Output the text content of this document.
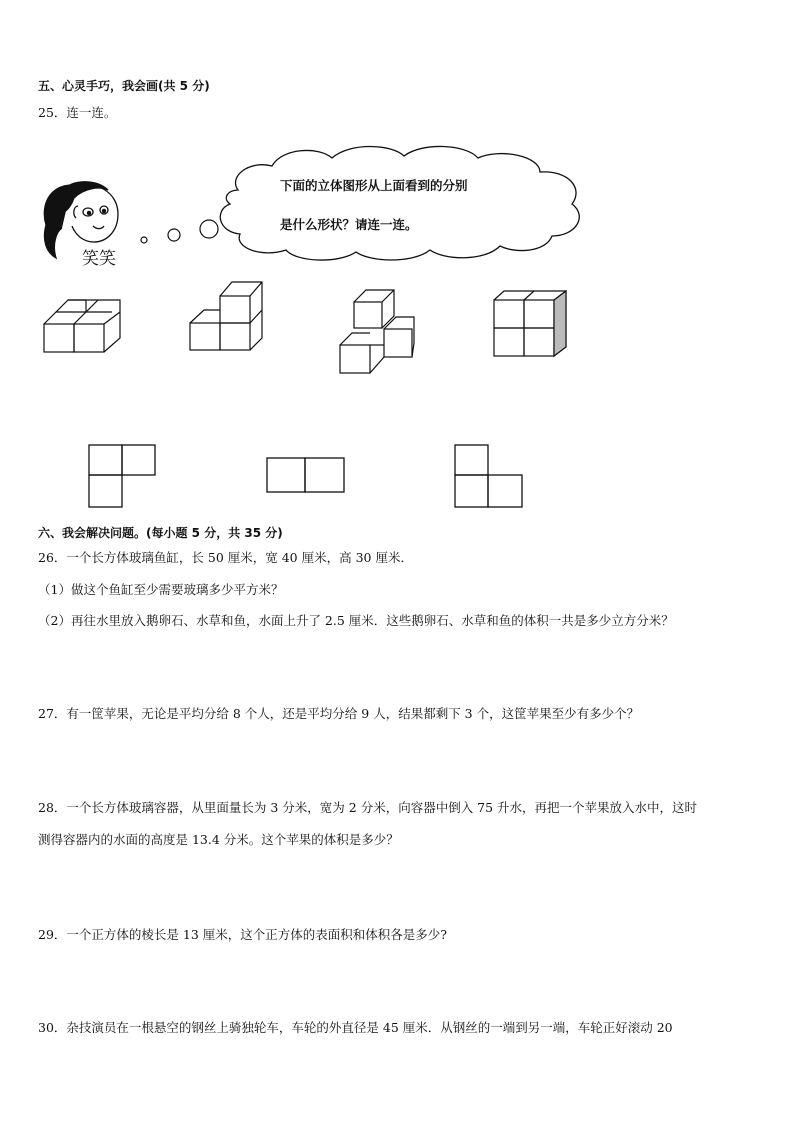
五、心灵手巧，我会画(共 5 分)
25．连一连。
下面的立体图形从上面看到的分别
是什么形状？请连一连。
笑笑
六、我会解决问题。(每小题 5 分，共 35 分)
26．一个长方体玻璃鱼缸，长 50 厘米，宽 40 厘米，高 30 厘米．
（1）做这个鱼缸至少需要玻璃多少平方米？
（2）再往水里放入鹅卵石、水草和鱼，水面上升了 2.5 厘米．这些鹅卵石、水草和鱼的体积一共是多少立方分米？
27．有一筐苹果，无论是平均分给 8 个人，还是平均分给 9 人，结果都剩下 3 个，这筐苹果至少有多少个？
28．一个长方体玻璃容器，从里面量长为 3 分米，宽为 2 分米，向容器中倒入 75 升水，再把一个苹果放入水中，这时
测得容器内的水面的高度是 13.4 分米。这个苹果的体积是多少？
29．一个正方体的棱长是 13 厘米，这个正方体的表面积和体积各是多少?
30．杂技演员在一根悬空的钢丝上骑独轮车，车轮的外直径是 45 厘米．从钢丝的一端到另一端，车轮正好滚动 20
